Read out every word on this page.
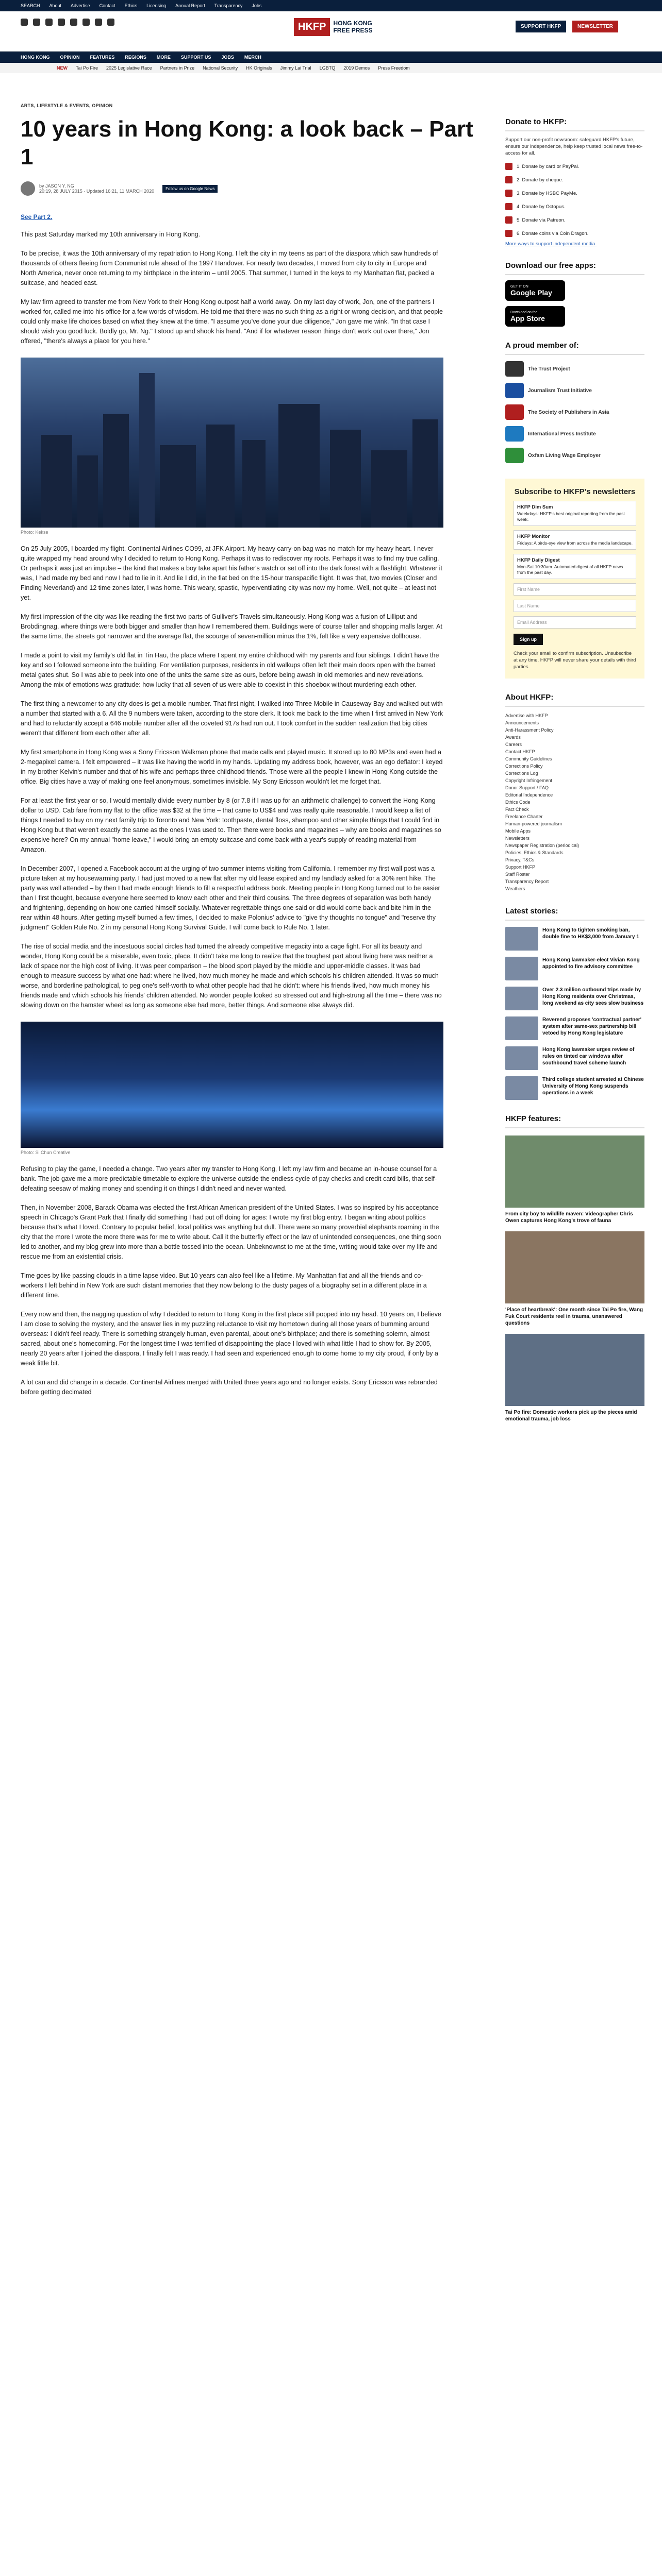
SEARCH About Advertise Contact Ethics Licensing Annual Report Transparency Jobs
HKFP	HONG KONG
FREE PRESS
SUPPORT HKFP	NEWSLETTER
HONG KONG OPINION FEATURES REGIONS MORE SUPPORT US JOBS MERCH
NEW Tai Po Fire 2025 Legislative Race Partners in Prize National Security HK Originals Jimmy Lai Trial LGBTQ 2019 Demos Press Freedom
ARTS, LIFESTYLE & EVENTS, OPINION
10 years in Hong Kong: a look back – Part 1
by JASON Y. NG
20:19, 28 JULY 2015 · Updated 16:21, 11 MARCH 2020	Follow us on Google News
See Part 2.

This past Saturday marked my 10th anniversary in Hong Kong.

To be precise, it was the 10th anniversary of my repatriation to Hong Kong. I left the city in my teens as part of the diaspora which saw hundreds of thousands of others fleeing from Communist rule ahead of the 1997 Handover. For nearly two decades, I moved from city to city in Europe and North America, never once returning to my birthplace in the interim – until 2005. That summer, I turned in the keys to my Manhattan flat, packed a suitcase, and headed east.

My law firm agreed to transfer me from New York to their Hong Kong outpost half a world away. On my last day of work, Jon, one of the partners I worked for, called me into his office for a few words of wisdom. He told me that there was no such thing as a right or wrong decision, and that people could only make life choices based on what they knew at the time. "I assume you've done your due diligence," Jon gave me wink. "In that case I should wish you good luck. Boldly go, Mr. Ng." I stood up and shook his hand. "And if for whatever reason things don't work out over there," Jon offered, "there's always a place for you here."

Photo: Kekse

On 25 July 2005, I boarded my flight, Continental Airlines CO99, at JFK Airport. My heavy carry-on bag was no match for my heavy heart. I never quite wrapped my head around why I decided to return to Hong Kong. Perhaps it was to rediscover my roots. Perhaps it was to find my true calling. Or perhaps it was just an impulse – the kind that makes a boy take apart his father's watch or set off into the dark forest with a flashlight. Whatever it was, I had made my bed and now I had to lie in it. And lie I did, in the flat bed on the 15-hour transpacific flight. It was that, two movies (Closer and Finding Neverland) and 12 time zones later, I was home. This weary, spastic, hyperventilating city was now my home. Well, not quite – at least not yet.

My first impression of the city was like reading the first two parts of Gulliver's Travels simultaneously. Hong Kong was a fusion of Lilliput and Brobdingnag, where things were both bigger and smaller than how I remembered them. Buildings were of course taller and shopping malls larger. At the same time, the streets got narrower and the average flat, the scourge of seven-million minus the 1%, felt like a very expensive dollhouse.

I made a point to visit my family's old flat in Tin Hau, the place where I spent my entire childhood with my parents and four siblings. I didn't have the key and so I followed someone into the building. For ventilation purposes, residents in old walkups often left their main doors open with the barred metal gates shut. So I was able to peek into one of the units the same size as ours, before being awash in old memories and new revelations. Among the mix of emotions was gratitude: how lucky that all seven of us were able to coexist in this shoebox without murdering each other.

The first thing a newcomer to any city does is get a mobile number. That first night, I walked into Three Mobile in Causeway Bay and walked out with a number that started with a 6. All the 9 numbers were taken, according to the store clerk. It took me back to the time when I first arrived in New York and had to reluctantly accept a 646 mobile number after all the coveted 917s had run out. I took comfort in the sudden realization that big cities weren't that different from each other after all.

My first smartphone in Hong Kong was a Sony Ericsson Walkman phone that made calls and played music. It stored up to 80 MP3s and even had a 2-megapixel camera. I felt empowered – it was like having the world in my hands. Updating my address book, however, was an ego deflator: I keyed in my brother Kelvin's number and that of his wife and perhaps three childhood friends. Those were all the people I knew in Hong Kong outside the office. Big cities have a way of making one feel anonymous, sometimes invisible. My Sony Ericsson wouldn't let me forget that.

For at least the first year or so, I would mentally divide every number by 8 (or 7.8 if I was up for an arithmetic challenge) to convert the Hong Kong dollar to USD. Cab fare from my flat to the office was $32 at the time – that came to US$4 and was really quite reasonable. I would keep a list of things I needed to buy on my next family trip to Toronto and New York: toothpaste, dental floss, shampoo and other simple things that I could find in Hong Kong but that weren't exactly the same as the ones I was used to. Then there were books and magazines – why are books and magazines so expensive here? On my annual "home leave," I would bring an empty suitcase and come back with a year's supply of reading material from Amazon.

In December 2007, I opened a Facebook account at the urging of two summer interns visiting from California. I remember my first wall post was a picture taken at my housewarming party. I had just moved to a new flat after my old lease expired and my landlady asked for a 30% rent hike. The party was well attended – by then I had made enough friends to fill a respectful address book. Meeting people in Hong Kong turned out to be easier than I first thought, because everyone here seemed to know each other and their third cousins. The three degrees of separation was both handy and frightening, depending on how one carried himself socially. Whatever regrettable things one said or did would come back and bite him in the rear within 48 hours. After getting myself burned a few times, I decided to make Polonius' advice to "give thy thoughts no tongue" and "reserve thy judgment" Golden Rule No. 2 in my personal Hong Kong Survival Guide. I will come back to Rule No. 1 later.

The rise of social media and the incestuous social circles had turned the already competitive megacity into a cage fight. For all its beauty and wonder, Hong Kong could be a miserable, even toxic, place. It didn't take me long to realize that the toughest part about living here was neither a lack of space nor the high cost of living. It was peer comparison – the blood sport played by the middle and upper-middle classes. It was bad enough to measure success by what one had: where he lived, how much money he made and which schools his children attended. It was so much worse, and borderline pathological, to peg one's self-worth to what other people had that he didn't: where his friends lived, how much money his friends made and which schools his friends' children attended. No wonder people looked so stressed out and high-strung all the time – there was no slowing down on the hamster wheel as long as someone else had more, better things. And someone else always did.

Photo: Si Chun Creative

Refusing to play the game, I needed a change. Two years after my transfer to Hong Kong, I left my law firm and became an in-house counsel for a bank. The job gave me a more predictable timetable to explore the universe outside the endless cycle of pay checks and credit card bills, that self-defeating seesaw of making money and spending it on things I didn't need and never wanted.

Then, in November 2008, Barack Obama was elected the first African American president of the United States. I was so inspired by his acceptance speech in Chicago's Grant Park that I finally did something I had put off doing for ages: I wrote my first blog entry. I began writing about politics because that's what I loved. Contrary to popular belief, local politics was anything but dull. There were so many proverbial elephants roaming in the city that the more I wrote the more there was for me to write about. Call it the butterfly effect or the law of unintended consequences, one thing soon led to another, and my blog grew into more than a bottle tossed into the ocean. Unbeknownst to me at the time, writing would take over my life and rescue me from an existential crisis.

Time goes by like passing clouds in a time lapse video. But 10 years can also feel like a lifetime. My Manhattan flat and all the friends and co-workers I left behind in New York are such distant memories that they now belong to the dusty pages of a biography set in a different place in a different time.

Every now and then, the nagging question of why I decided to return to Hong Kong in the first place still popped into my head. 10 years on, I believe I am close to solving the mystery, and the answer lies in my puzzling reluctance to visit my hometown during all those years of bumming around overseas: I didn't feel ready. There is something strangely human, even parental, about one's birthplace; and there is something solemn, almost sacred, about one's homecoming. For the longest time I was terrified of disappointing the place I loved with what little I had to show for. By 2005, nearly 20 years after I joined the diaspora, I finally felt I was ready. I had seen and experienced enough to come home to my city proud, if only by a weak little bit.

A lot can and did change in a decade. Continental Airlines merged with United three years ago and no longer exists. Sony Ericsson was rebranded before getting decimated

Donate to HKFP:
Support our non-profit newsroom: safeguard HKFP's future, ensure our independence, help keep trusted local news free-to-access for all.
1. Donate by card or PayPal.
2. Donate by cheque.
3. Donate by HSBC PayMe.
4. Donate by Octopus.
5. Donate via Patreon.
6. Donate coins via Coin Dragon.
More ways to support independent media.
Download our free apps:
GET IT ON
Google Play
Download on the
App Store
A proud member of:
The Trust Project
Journalism Trust Initiative
The Society of Publishers in Asia
International Press Institute
Oxfam Living Wage Employer
Subscribe to HKFP's newsletters
HKFP Dim Sum
Weekdays: HKFP's best original reporting from the past week.
HKFP Monitor
Fridays: A birds-eye view from across the media landscape.
HKFP Daily Digest
Mon-Sat 10:30am. Automated digest of all HKFP news from the past day.
First Name
Last Name
Email Address
Sign up
Check your email to confirm subscription. Unsubscribe at any time. HKFP will never share your details with third parties.
About HKFP:
Advertise with HKFP
Announcements
Anti-Harassment Policy
Awards
Careers
Contact HKFP
Community Guidelines
Corrections Policy
Corrections Log
Copyright Infringement
Donor Support / FAQ
Editorial Independence
Ethics Code
Fact Check
Freelance Charter
Human-powered journalism
Mobile Apps
Newsletters
Newspaper Registration (periodical)
Policies, Ethics & Standards
Privacy, T&Cs
Support HKFP
Staff Roster
Transparency Report
Weathers
Latest stories:
Hong Kong to tighten smoking ban, double fine to HK$3,000 from January 1
Hong Kong lawmaker-elect Vivian Kong appointed to fire advisory committee
Over 2.3 million outbound trips made by Hong Kong residents over Christmas, long weekend as city sees slow business
Reverend proposes 'contractual partner' system after same-sex partnership bill vetoed by Hong Kong legislature
Hong Kong lawmaker urges review of rules on tinted car windows after southbound travel scheme launch
Third college student arrested at Chinese University of Hong Kong suspends operations in a week
HKFP features:
From city boy to wildlife maven: Videographer Chris Owen captures Hong Kong's trove of fauna
'Place of heartbreak': One month since Tai Po fire, Wang Fuk Court residents reel in trauma, unanswered questions
Tai Po fire: Domestic workers pick up the pieces amid emotional trauma, job loss
